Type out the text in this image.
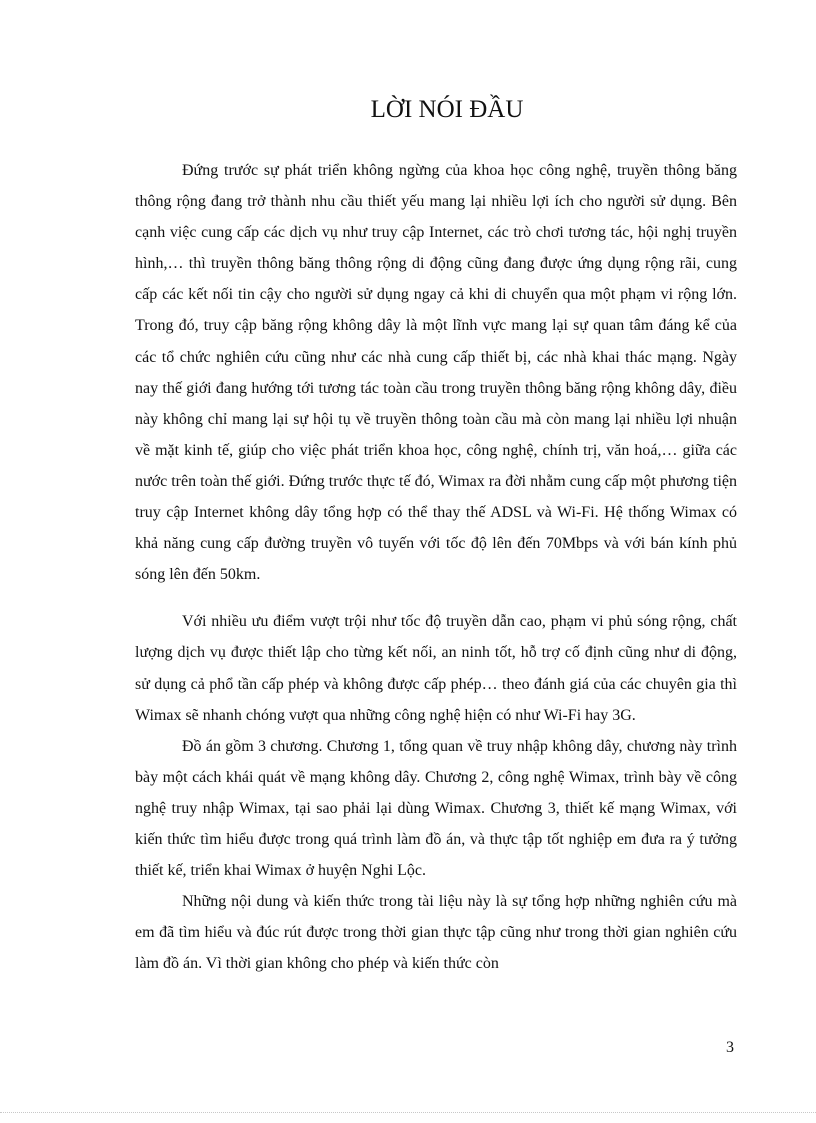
LỜI NÓI ĐẦU

Đứng trước sự phát triển không ngừng của khoa học công nghệ, truyền thông băng thông rộng đang trở thành nhu cầu thiết yếu mang lại nhiều lợi ích cho người sử dụng. Bên cạnh việc cung cấp các dịch vụ như truy cập Internet, các trò chơi tương tác, hội nghị truyền hình,… thì truyền thông băng thông rộng di động cũng đang được ứng dụng rộng rãi, cung cấp các kết nối tin cậy cho người sử dụng ngay cả khi di chuyển qua một phạm vi rộng lớn. Trong đó, truy cập băng rộng không dây là một lĩnh vực mang lại sự quan tâm đáng kể của các tổ chức nghiên cứu cũng như các nhà cung cấp thiết bị, các nhà khai thác mạng. Ngày nay thế giới đang hướng tới tương tác toàn cầu trong truyền thông băng rộng không dây, điều này không chỉ mang lại sự hội tụ về truyền thông toàn cầu mà còn mang lại nhiều lợi nhuận về mặt kinh tế, giúp cho việc phát triển khoa học, công nghệ, chính trị, văn hoá,… giữa các nước trên toàn thế giới. Đứng trước thực tế đó, Wimax ra đời nhằm cung cấp một phương tiện truy cập Internet không dây tổng hợp có thể thay thế ADSL và Wi-Fi. Hệ thống Wimax có khả năng cung cấp đường truyền vô tuyến với tốc độ lên đến 70Mbps và với bán kính phủ sóng lên đến 50km.

Với nhiều ưu điểm vượt trội như tốc độ truyền dẫn cao, phạm vi phủ sóng rộng, chất lượng dịch vụ được thiết lập cho từng kết nối, an ninh tốt, hỗ trợ cố định cũng như di động, sử dụng cả phổ tần cấp phép và không được cấp phép… theo đánh giá của các chuyên gia thì Wimax sẽ nhanh chóng vượt qua những công nghệ hiện có như Wi-Fi hay 3G.

Đồ án gồm 3 chương. Chương 1, tổng quan về truy nhập không dây, chương này trình bày một cách khái quát về mạng không dây. Chương 2, công nghệ Wimax, trình bày về công nghệ truy nhập Wimax, tại sao phải lại dùng Wimax. Chương 3, thiết kế mạng Wimax, với kiến thức tìm hiểu được trong quá trình làm đồ án, và thực tập tốt nghiệp em đưa ra ý tưởng thiết kế, triển khai Wimax ở huyện Nghi Lộc.

Những nội dung và kiến thức trong tài liệu này là sự tổng hợp những nghiên cứu mà em đã tìm hiểu và đúc rút được trong thời gian thực tập cũng như trong thời gian nghiên cứu làm đồ án. Vì thời gian không cho phép và kiến thức còn

3
